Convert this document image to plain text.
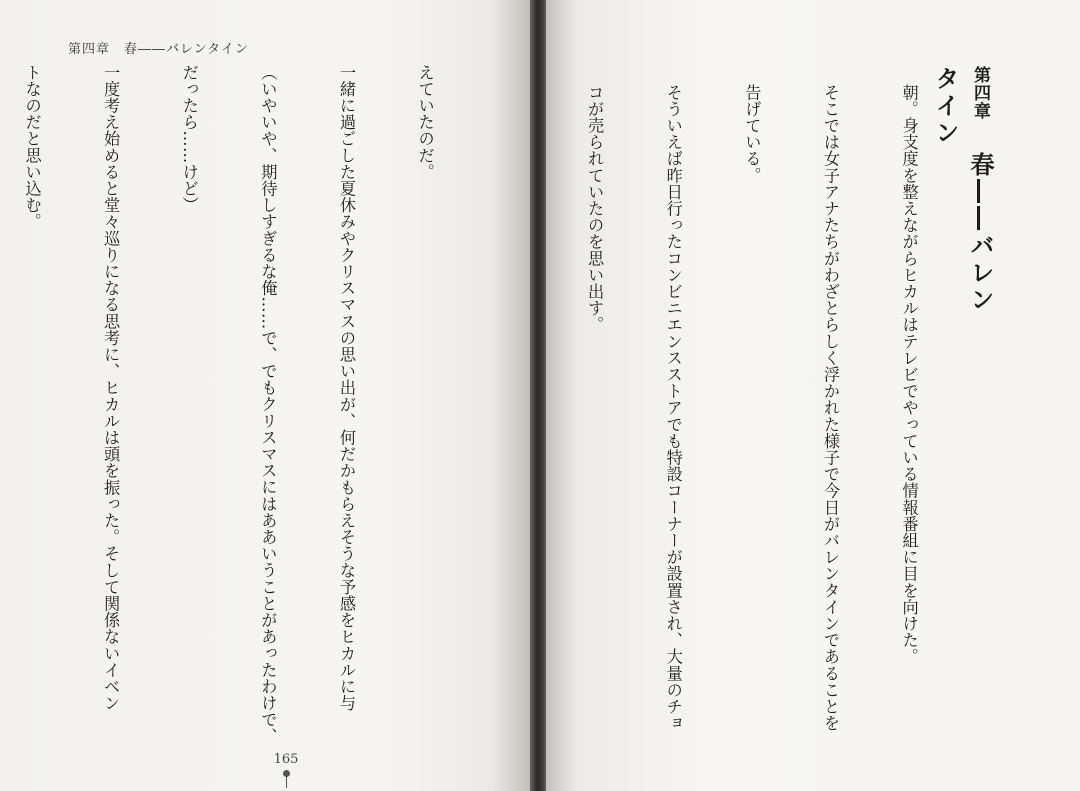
第四章　春――バレンタイン

えていたのだ。

一緒に過ごした夏休みやクリスマスの思い出が、何だかもらえそうな予感をヒカルに与

（いやいや、期待しすぎるな俺……で、でもクリスマスにはああいうことがあったわけで、

だったら……けど）

一度考え始めると堂々巡りになる思考に、ヒカルは頭を振った。そして関係ないイベン

トなのだと思い込む。

165
第四章 春――バレンタイン

朝。身支度を整えながらヒカルはテレビでやっている情報番組に目を向けた。

そこでは女子アナたちがわざとらしく浮かれた様子で今日がバレンタインであることを

告げている。

そういえば昨日行ったコンビニエンスストアでも特設コーナーが設置され、大量のチョ

コが売られていたのを思い出す。
